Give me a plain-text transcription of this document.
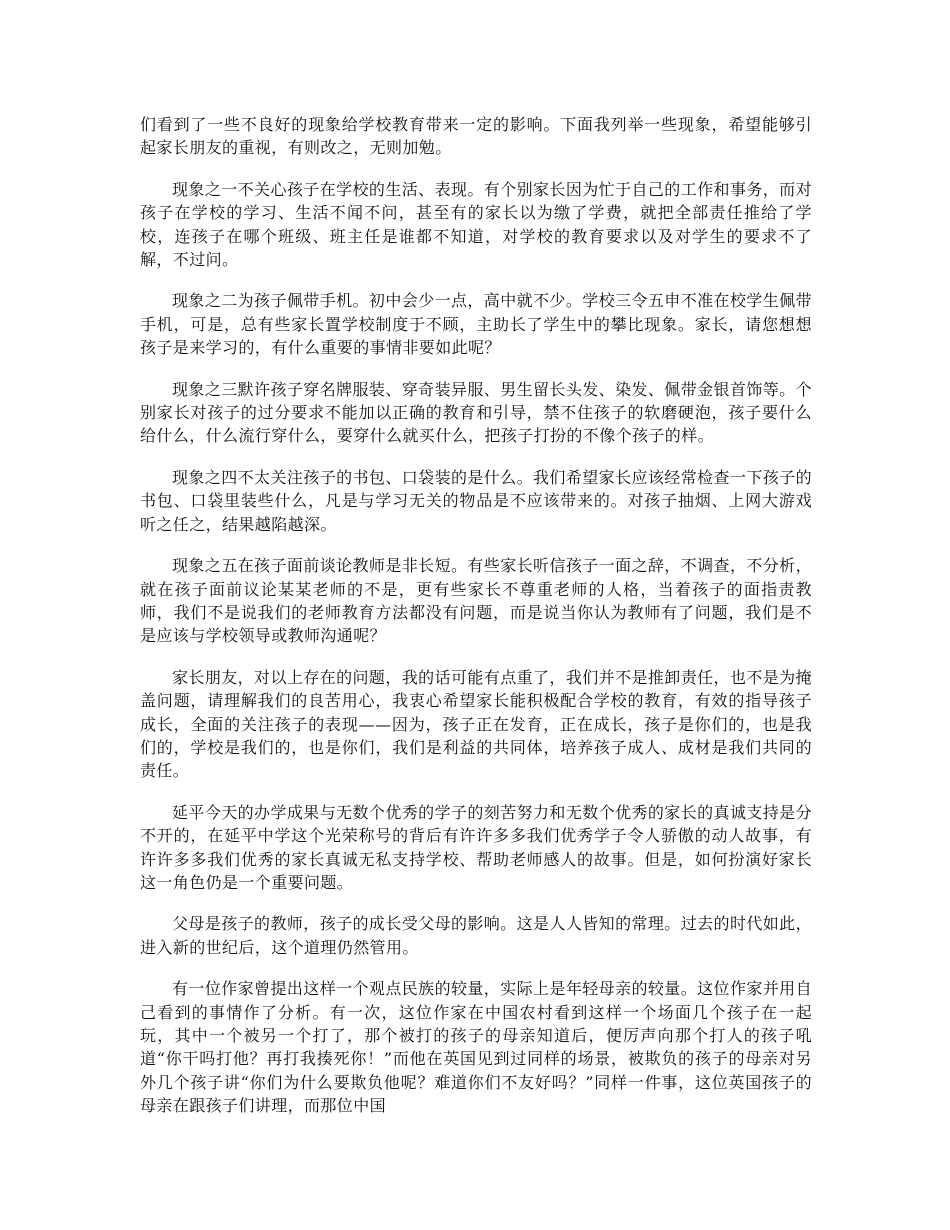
们看到了一些不良好的现象给学校教育带来一定的影响。下面我列举一些现象，希望能够引起家长朋友的重视，有则改之，无则加勉。

现象之一不关心孩子在学校的生活、表现。有个别家长因为忙于自己的工作和事务，而对孩子在学校的学习、生活不闻不问，甚至有的家长以为缴了学费，就把全部责任推给了学校，连孩子在哪个班级、班主任是谁都不知道，对学校的教育要求以及对学生的要求不了解，不过问。

现象之二为孩子佩带手机。初中会少一点，高中就不少。学校三令五申不准在校学生佩带手机，可是，总有些家长置学校制度于不顾，主助长了学生中的攀比现象。家长，请您想想孩子是来学习的，有什么重要的事情非要如此呢？

现象之三默许孩子穿名牌服装、穿奇装异服、男生留长头发、染发、佩带金银首饰等。个别家长对孩子的过分要求不能加以正确的教育和引导，禁不住孩子的软磨硬泡，孩子要什么给什么，什么流行穿什么，要穿什么就买什么，把孩子打扮的不像个孩子的样。

现象之四不太关注孩子的书包、口袋装的是什么。我们希望家长应该经常检查一下孩子的书包、口袋里装些什么，凡是与学习无关的物品是不应该带来的。对孩子抽烟、上网大游戏听之任之，结果越陷越深。

现象之五在孩子面前谈论教师是非长短。有些家长听信孩子一面之辞，不调查，不分析，就在孩子面前议论某某老师的不是，更有些家长不尊重老师的人格，当着孩子的面指责教师，我们不是说我们的老师教育方法都没有问题，而是说当你认为教师有了问题，我们是不是应该与学校领导或教师沟通呢？

家长朋友，对以上存在的问题，我的话可能有点重了，我们并不是推卸责任，也不是为掩盖问题，请理解我们的良苦用心，我衷心希望家长能积极配合学校的教育，有效的指导孩子成长，全面的关注孩子的表现——因为，孩子正在发育，正在成长，孩子是你们的，也是我们的，学校是我们的，也是你们，我们是利益的共同体，培养孩子成人、成材是我们共同的责任。

延平今天的办学成果与无数个优秀的学子的刻苦努力和无数个优秀的家长的真诚支持是分不开的，在延平中学这个光荣称号的背后有许许多多我们优秀学子令人骄傲的动人故事，有许许多多我们优秀的家长真诚无私支持学校、帮助老师感人的故事。但是，如何扮演好家长这一角色仍是一个重要问题。

父母是孩子的教师，孩子的成长受父母的影响。这是人人皆知的常理。过去的时代如此，进入新的世纪后，这个道理仍然管用。

有一位作家曾提出这样一个观点民族的较量，实际上是年轻母亲的较量。这位作家并用自己看到的事情作了分析。有一次，这位作家在中国农村看到这样一个场面几个孩子在一起玩，其中一个被另一个打了，那个被打的孩子的母亲知道后，便厉声向那个打人的孩子吼道“你干吗打他？再打我揍死你！”而他在英国见到过同样的场景，被欺负的孩子的母亲对另外几个孩子讲“你们为什么要欺负他呢？难道你们不友好吗？”同样一件事，这位英国孩子的母亲在跟孩子们讲理，而那位中国
